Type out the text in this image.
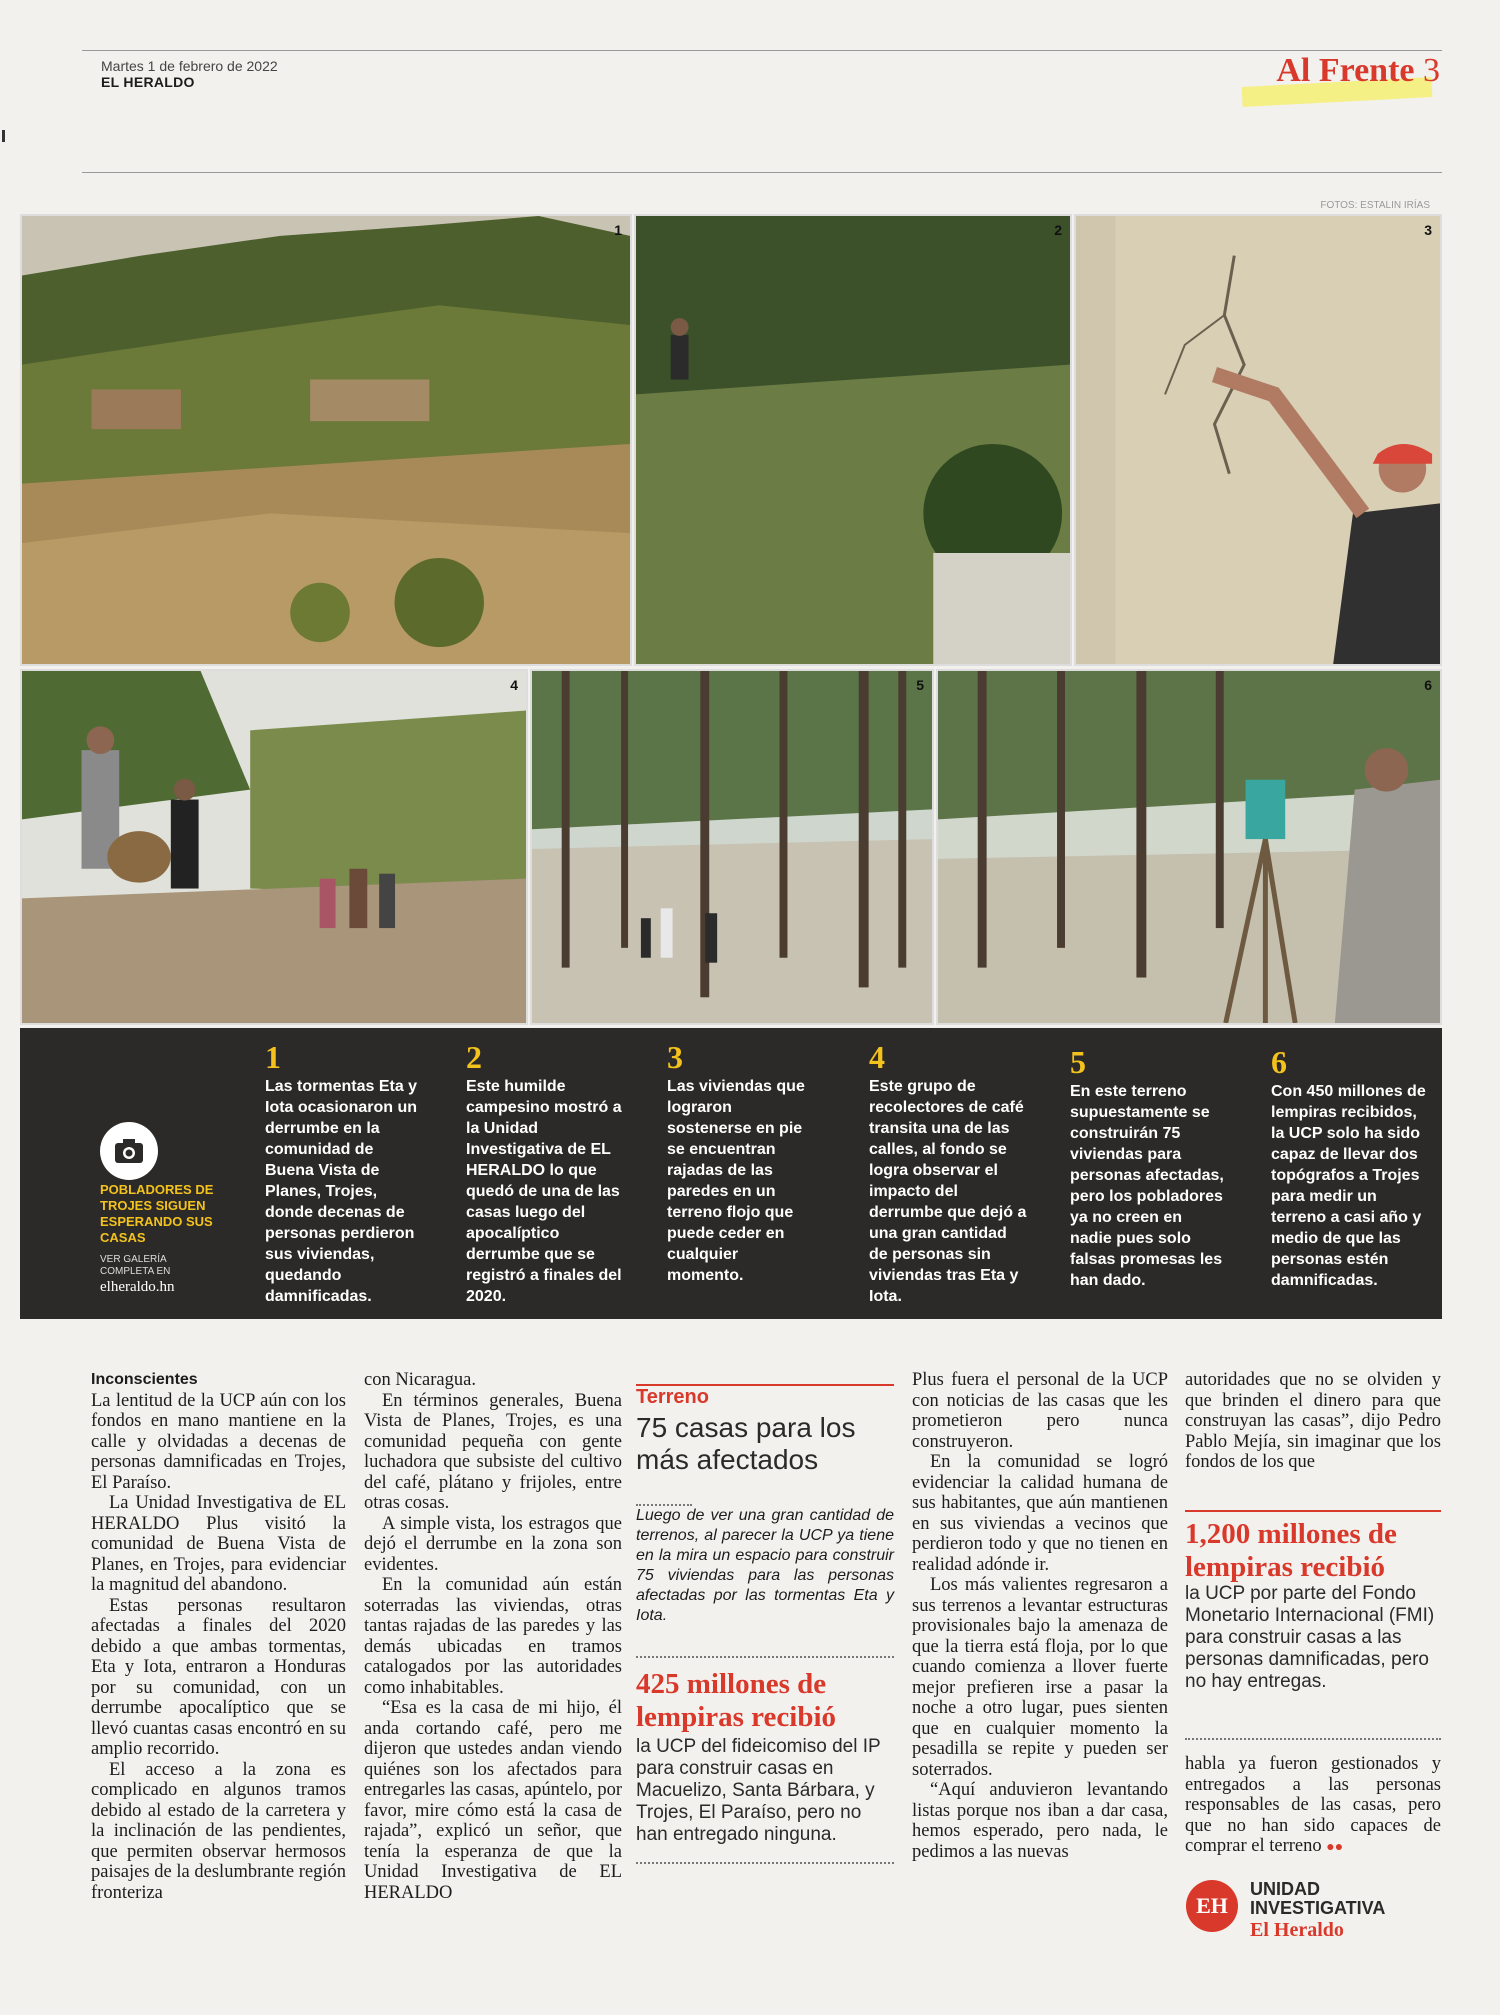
Martes 1 de febrero de 2022
EL HERALDO	Al Frente 3
FOTOS: ESTALIN IRÍAS
1	2	3
4	5	6
POBLADORES DE TROJES SIGUEN ESPERANDO SUS CASAS
VER GALERÍA
COMPLETA EN
elheraldo.hn
1
Las tormentas Eta y Iota ocasionaron un derrumbe en la comunidad de Buena Vista de Planes, Trojes, donde decenas de personas perdieron sus viviendas, quedando damnificadas.
2
Este humilde campesino mostró a la Unidad Investigativa de EL HERALDO lo que quedó de una de las casas luego del apocalíptico derrumbe que se registró a finales del 2020.
3
Las viviendas que lograron sostenerse en pie se encuentran rajadas de las paredes en un terreno flojo que puede ceder en cualquier momento.
4
Este grupo de recolectores de café transita una de las calles, al fondo se logra observar el impacto del derrumbe que dejó a una gran cantidad de personas sin viviendas tras Eta y Iota.
5
En este terreno supuestamente se construirán 75 viviendas para personas afectadas, pero los pobladores ya no creen en nadie pues solo falsas promesas les han dado.
6
Con 450 millones de lempiras recibidos, la UCP solo ha sido capaz de llevar dos topógrafos a Trojes para medir un terreno a casi año y medio de que las personas estén damnificadas.
Inconscientes

La lentitud de la UCP aún con los fondos en mano mantiene en la calle y olvidadas a decenas de personas damnificadas en Trojes, El Paraíso.

La Unidad Investigativa de EL HERALDO Plus visitó la comunidad de Buena Vista de Planes, en Trojes, para evidenciar la magnitud del abandono.

Estas personas resultaron afectadas a finales del 2020 debido a que ambas tormentas, Eta y Iota, entraron a Honduras por su comunidad, con un derrumbe apocalíptico que se llevó cuantas casas encontró en su amplio recorrido.

El acceso a la zona es complicado en algunos tramos debido al estado de la carretera y la inclinación de las pendientes, que permiten observar hermosos paisajes de la deslumbrante región fronteriza

con Nicaragua.

En términos generales, Buena Vista de Planes, Trojes, es una comunidad pequeña con gente luchadora que subsiste del cultivo del café, plátano y frijoles, entre otras cosas.

A simple vista, los estragos que dejó el derrumbe en la zona son evidentes.

En la comunidad aún están soterradas las viviendas, otras tantas rajadas de las paredes y las demás ubicadas en tramos catalogados por las autoridades como inhabitables.

“Esa es la casa de mi hijo, él anda cortando café, pero me dijeron que ustedes andan viendo quiénes son los afectados para entregarles las casas, apúntelo, por favor, mire cómo está la casa de rajada”, explicó un señor, que tenía la esperanza de que la Unidad Investigativa de EL HERALDO

Terreno
75 casas para los más afectados
Luego de ver una gran cantidad de terrenos, al parecer la UCP ya tiene en la mira un espacio para construir 75 viviendas para las personas afectadas por las tormentas Eta y Iota.
425 millones de lempiras recibió
la UCP del fideicomiso del IP para construir casas en Macuelizo, Santa Bárbara, y Trojes, El Paraíso, pero no han entregado ninguna.

Plus fuera el personal de la UCP con noticias de las casas que les prometieron pero nunca construyeron.

En la comunidad se logró evidenciar la calidad humana de sus habitantes, que aún mantienen en sus viviendas a vecinos que perdieron todo y que no tienen en realidad adónde ir.

Los más valientes regresaron a sus terrenos a levantar estructuras provisionales bajo la amenaza de que la tierra está floja, por lo que cuando comienza a llover fuerte mejor prefieren irse a pasar la noche a otro lugar, pues sienten que en cualquier momento la pesadilla se repite y pueden ser soterrados.

“Aquí anduvieron levantando listas porque nos iban a dar casa, hemos esperado, pero nada, le pedimos a las nuevas

autoridades que no se olviden y que brinden el dinero para que construyan las casas”, dijo Pedro Pablo Mejía, sin imaginar que los fondos de los que

1,200 millones de lempiras recibió
la UCP por parte del Fondo Monetario Internacional (FMI) para construir casas a las personas damnificadas, pero no hay entregas.

habla ya fueron gestionados y entregados a las personas responsables de las casas, pero que no han sido capaces de comprar el terreno ●●

EH
UNIDAD
INVESTIGATIVA
El Heraldo
